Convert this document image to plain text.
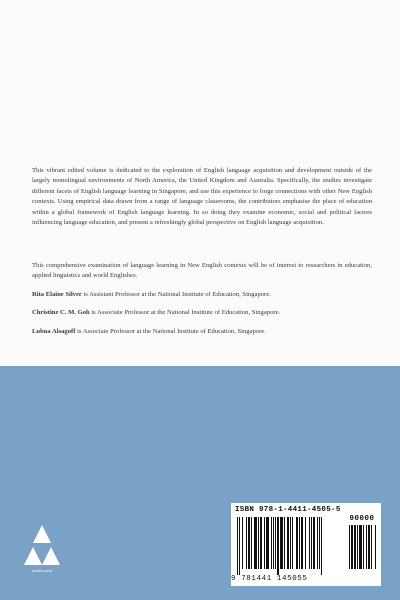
This vibrant edited volume is dedicated to the exploration of English language acquisition and development outside of the largely monolingual environments of North America, the United Kingdom and Australia. Specifically, the studies investigate different facets of English language learning in Singapore, and use this experience to forge connections with other New English contexts. Using empirical data drawn from a range of language classrooms, the contributors emphasise the place of education within a global framework of English language learning. In so doing they examine economic, social and political factors influencing language education, and present a refreshingly global perspective on English language acquisition.

This comprehensive examination of language learning in New English contexts will be of interest to researchers in education, applied linguistics and world Englishes.

Rita Elaine Silver is Assistant Professor at the National Institute of Education, Singapore.

Christine C. M. Goh is Associate Professor at the National Institute of Education, Singapore.

Lubna Alsagoff is Associate Professor at the National Institute of Education, Singapore.

continuum
ISBN 978-1-4411-4505-5
90000
9 781441 145055
